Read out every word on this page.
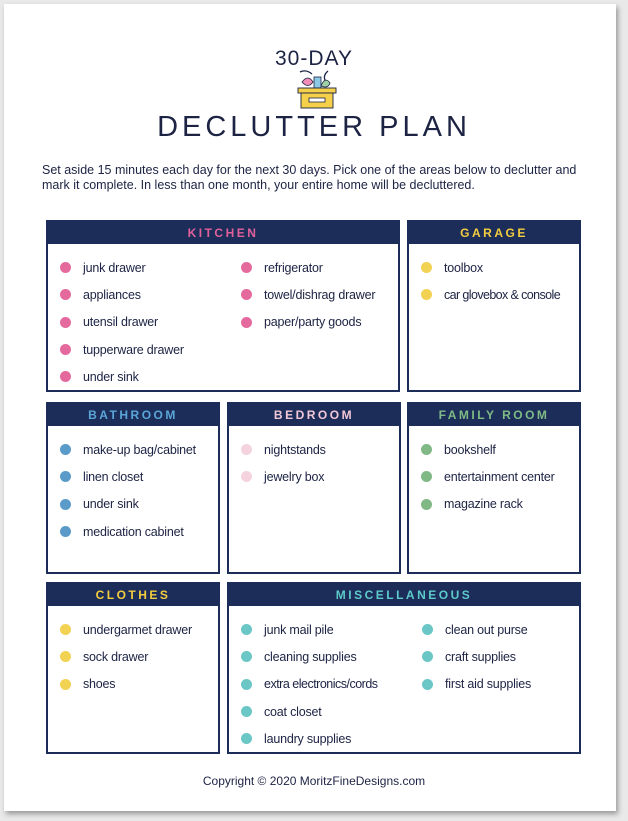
30-DAY
DECLUTTER PLAN
Set aside 15 minutes each day for the next 30 days. Pick one of the areas below to declutter and mark it complete. In less than one month, your entire home will be decluttered.
KITCHEN
junk drawer
appliances
utensil drawer
tupperware drawer
under sink
refrigerator
towel/dishrag drawer
paper/party goods
GARAGE
toolbox
car glovebox & console
BATHROOM
make-up bag/cabinet
linen closet
under sink
medication cabinet
BEDROOM
nightstands
jewelry box
FAMILY ROOM
bookshelf
entertainment center
magazine rack
CLOTHES
undergarmet drawer
sock drawer
shoes
MISCELLANEOUS
junk mail pile
cleaning supplies
extra electronics/cords
coat closet
laundry supplies
clean out purse
craft supplies
first aid supplies
Copyright © 2020 MoritzFineDesigns.com
